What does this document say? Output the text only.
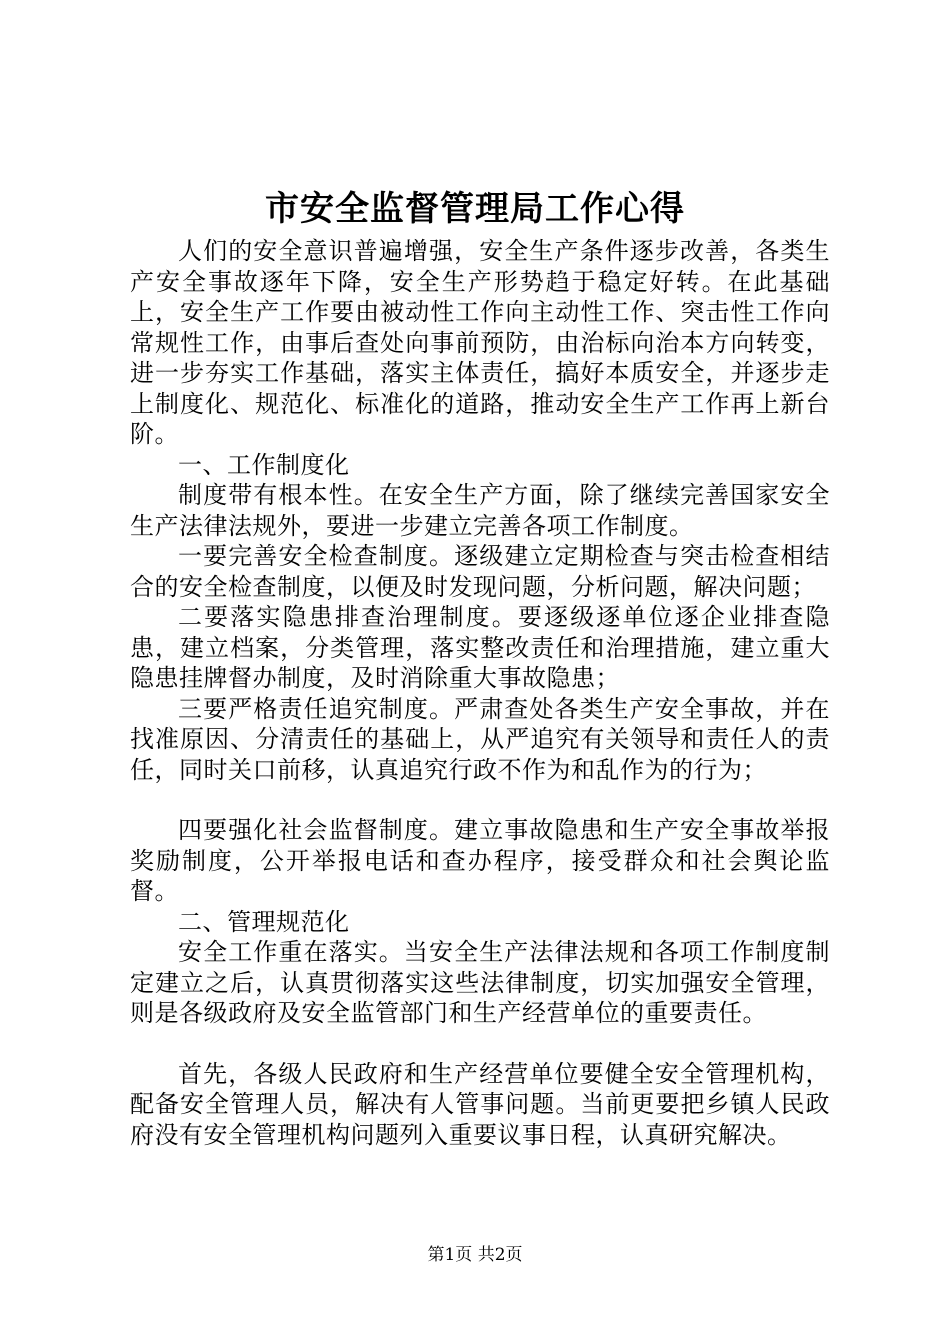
市安全监督管理局工作心得

人们的安全意识普遍增强，安全生产条件逐步改善，各类生产安全事故逐年下降，安全生产形势趋于稳定好转。在此基础上，安全生产工作要由被动性工作向主动性工作、突击性工作向常规性工作，由事后查处向事前预防，由治标向治本方向转变，进一步夯实工作基础，落实主体责任，搞好本质安全，并逐步走上制度化、规范化、标准化的道路，推动安全生产工作再上新台阶。

一、工作制度化

制度带有根本性。在安全生产方面，除了继续完善国家安全生产法律法规外，要进一步建立完善各项工作制度。

一要完善安全检查制度。逐级建立定期检查与突击检查相结合的安全检查制度，以便及时发现问题，分析问题，解决问题；

二要落实隐患排查治理制度。要逐级逐单位逐企业排查隐患，建立档案，分类管理，落实整改责任和治理措施，建立重大隐患挂牌督办制度，及时消除重大事故隐患；

三要严格责任追究制度。严肃查处各类生产安全事故，并在找准原因、分清责任的基础上，从严追究有关领导和责任人的责任，同时关口前移，认真追究行政不作为和乱作为的行为；

四要强化社会监督制度。建立事故隐患和生产安全事故举报奖励制度，公开举报电话和查办程序，接受群众和社会舆论监督。

二、管理规范化

安全工作重在落实。当安全生产法律法规和各项工作制度制定建立之后，认真贯彻落实这些法律制度，切实加强安全管理，则是各级政府及安全监管部门和生产经营单位的重要责任。

首先，各级人民政府和生产经营单位要健全安全管理机构，配备安全管理人员，解决有人管事问题。当前更要把乡镇人民政府没有安全管理机构问题列入重要议事日程，认真研究解决。

第1页 共2页
